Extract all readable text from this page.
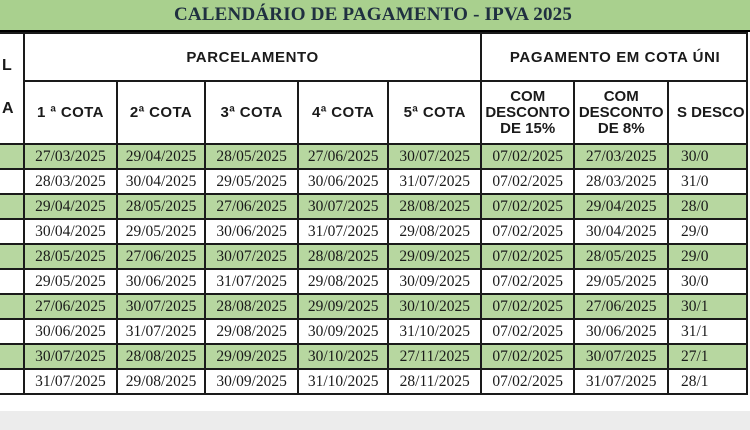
CALENDÁRIO DE PAGAMENTO - IPVA 2025
L
A	PARCELAMENTO					PAGAMENTO EM COTA ÚNI		
	1 ª COTA	2ª COTA	3ª COTA	4ª COTA	5ª COTA	COM DESCONTO DE 15%	COM DESCONTO DE 8%	S DESCO
	27/03/2025	29/04/2025	28/05/2025	27/06/2025	30/07/2025	07/02/2025	27/03/2025	30/0
	28/03/2025	30/04/2025	29/05/2025	30/06/2025	31/07/2025	07/02/2025	28/03/2025	31/0
	29/04/2025	28/05/2025	27/06/2025	30/07/2025	28/08/2025	07/02/2025	29/04/2025	28/0
	30/04/2025	29/05/2025	30/06/2025	31/07/2025	29/08/2025	07/02/2025	30/04/2025	29/0
	28/05/2025	27/06/2025	30/07/2025	28/08/2025	29/09/2025	07/02/2025	28/05/2025	29/0
	29/05/2025	30/06/2025	31/07/2025	29/08/2025	30/09/2025	07/02/2025	29/05/2025	30/0
	27/06/2025	30/07/2025	28/08/2025	29/09/2025	30/10/2025	07/02/2025	27/06/2025	30/1
	30/06/2025	31/07/2025	29/08/2025	30/09/2025	31/10/2025	07/02/2025	30/06/2025	31/1
	30/07/2025	28/08/2025	29/09/2025	30/10/2025	27/11/2025	07/02/2025	30/07/2025	27/1
	31/07/2025	29/08/2025	30/09/2025	31/10/2025	28/11/2025	07/02/2025	31/07/2025	28/1
